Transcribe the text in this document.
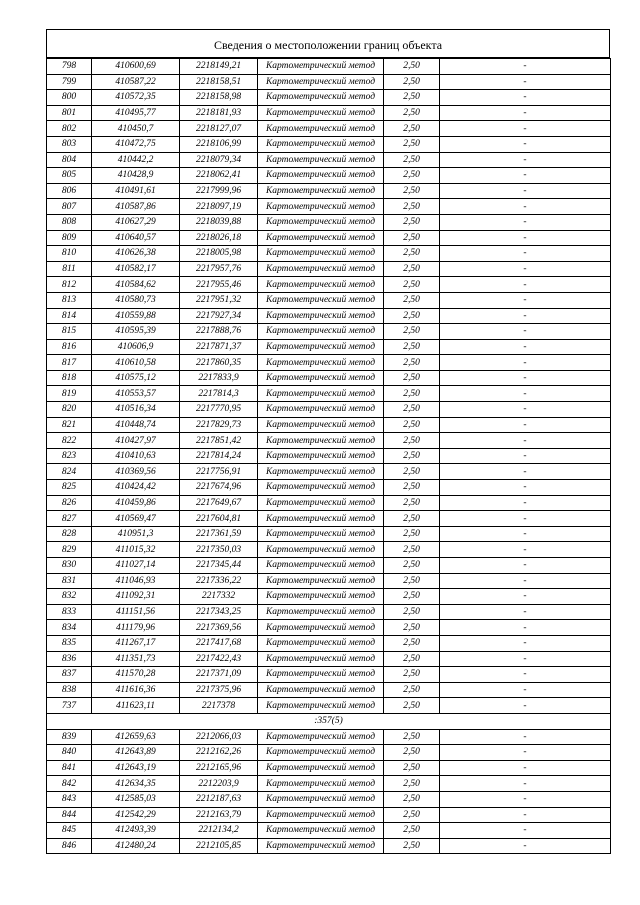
Сведения о местоположении границ объекта
798	410600,69	2218149,21	Картометрический метод	2,50	-
799	410587,22	2218158,51	Картометрический метод	2,50	-
800	410572,35	2218158,98	Картометрический метод	2,50	-
801	410495,77	2218181,93	Картометрический метод	2,50	-
802	410450,7	2218127,07	Картометрический метод	2,50	-
803	410472,75	2218106,99	Картометрический метод	2,50	-
804	410442,2	2218079,34	Картометрический метод	2,50	-
805	410428,9	2218062,41	Картометрический метод	2,50	-
806	410491,61	2217999,96	Картометрический метод	2,50	-
807	410587,86	2218097,19	Картометрический метод	2,50	-
808	410627,29	2218039,88	Картометрический метод	2,50	-
809	410640,57	2218026,18	Картометрический метод	2,50	-
810	410626,38	2218005,98	Картометрический метод	2,50	-
811	410582,17	2217957,76	Картометрический метод	2,50	-
812	410584,62	2217955,46	Картометрический метод	2,50	-
813	410580,73	2217951,32	Картометрический метод	2,50	-
814	410559,88	2217927,34	Картометрический метод	2,50	-
815	410595,39	2217888,76	Картометрический метод	2,50	-
816	410606,9	2217871,37	Картометрический метод	2,50	-
817	410610,58	2217860,35	Картометрический метод	2,50	-
818	410575,12	2217833,9	Картометрический метод	2,50	-
819	410553,57	2217814,3	Картометрический метод	2,50	-
820	410516,34	2217770,95	Картометрический метод	2,50	-
821	410448,74	2217829,73	Картометрический метод	2,50	-
822	410427,97	2217851,42	Картометрический метод	2,50	-
823	410410,63	2217814,24	Картометрический метод	2,50	-
824	410369,56	2217756,91	Картометрический метод	2,50	-
825	410424,42	2217674,96	Картометрический метод	2,50	-
826	410459,86	2217649,67	Картометрический метод	2,50	-
827	410569,47	2217604,81	Картометрический метод	2,50	-
828	410951,3	2217361,59	Картометрический метод	2,50	-
829	411015,32	2217350,03	Картометрический метод	2,50	-
830	411027,14	2217345,44	Картометрический метод	2,50	-
831	411046,93	2217336,22	Картометрический метод	2,50	-
832	411092,31	2217332	Картометрический метод	2,50	-
833	411151,56	2217343,25	Картометрический метод	2,50	-
834	411179,96	2217369,56	Картометрический метод	2,50	-
835	411267,17	2217417,68	Картометрический метод	2,50	-
836	411351,73	2217422,43	Картометрический метод	2,50	-
837	411570,28	2217371,09	Картометрический метод	2,50	-
838	411616,36	2217375,96	Картометрический метод	2,50	-
737	411623,11	2217378	Картометрический метод	2,50	-
:357(5)					
839	412659,63	2212066,03	Картометрический метод	2,50	-
840	412643,89	2212162,26	Картометрический метод	2,50	-
841	412643,19	2212165,96	Картометрический метод	2,50	-
842	412634,35	2212203,9	Картометрический метод	2,50	-
843	412585,03	2212187,63	Картометрический метод	2,50	-
844	412542,29	2212163,79	Картометрический метод	2,50	-
845	412493,39	2212134,2	Картометрический метод	2,50	-
846	412480,24	2212105,85	Картометрический метод	2,50	-
